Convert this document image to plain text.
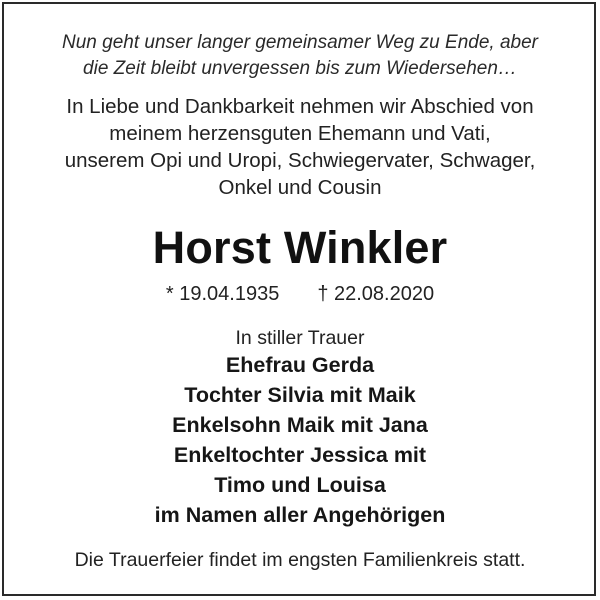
Nun geht unser langer gemeinsamer Weg zu Ende, aber
die Zeit bleibt unvergessen bis zum Wiedersehen…
In Liebe und Dankbarkeit nehmen wir Abschied von
meinem herzensguten Ehemann und Vati,
unserem Opi und Uropi, Schwiegervater, Schwager,
Onkel und Cousin
Horst Winkler
* 19.04.1935 † 22.08.2020
In stiller Trauer
Ehefrau Gerda
Tochter Silvia mit Maik
Enkelsohn Maik mit Jana
Enkeltochter Jessica mit
Timo und Louisa
im Namen aller Angehörigen
Die Trauerfeier findet im engsten Familienkreis statt.
